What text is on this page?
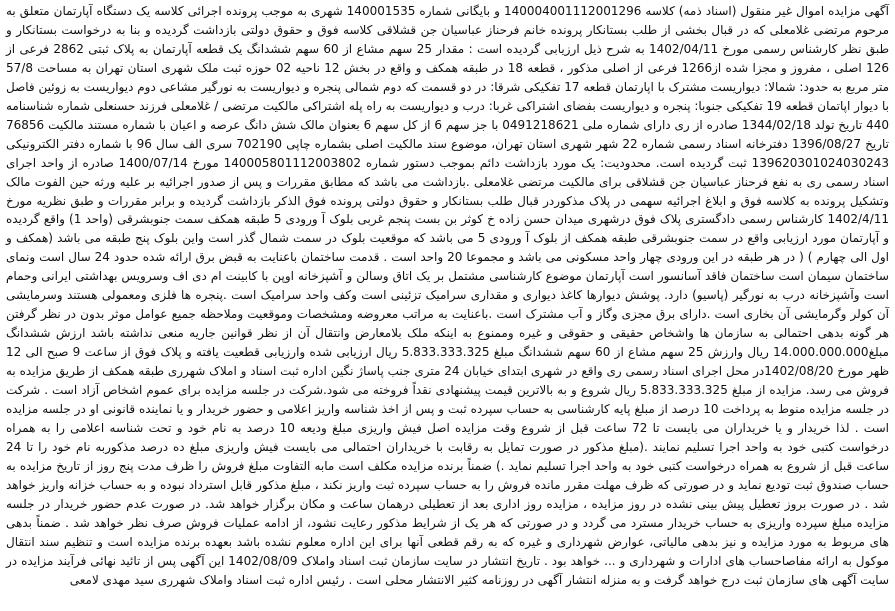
آگهی مزایده اموال غیر منقول (اسناد ذمه) کلاسه 140004001112001296 و بایگانی شماره 140001535 شهری به موجب پرونده اجرائی کلاسه یک دستگاه آپارتمان متعلق به مرحوم مرتضی غلامعلی که در قبال بخشی از طلب بستانکار پرونده خانم فرحناز عباسیان جن قشلاقی کلاسه فوق و حقوق دولتی بازداشت گردیده و بنا به درخواست بستانکار و طبق نظر کارشناس رسمی مورخ 1402/04/11 به شرح ذیل ارزیابی گردیده است : مقدار 25 سهم مشاع از 60 سهم ششدانگ یک قطعه آپارتمان به پلاک ثبتی 2862 فرعی از 126 اصلی ، مفروز و مجزا شده از1266 فرعی از اصلی مذکور ، قطعه 18 در طبقه همکف و واقع در بخش 12 ناحیه 02 حوزه ثبت ملک شهری استان تهران به مساحت 57/8 متر مربع به حدود: شمالا: دیواریست مشترک با اپارتمان قطعه 17 تفکیکی شرقا: در دو قسمت که دوم شمالی پنجره و دیواریست به نورگیر مشاعی دوم دیواریست به زوئین فاصل با دیوار اپاتمان قطعه 19 تفکیکی جنوبا: پنجره و دیواریست بفضای اشتراکی غربا: درب و دیواریست به راه پله اشتراکی مالکیت مرتضی / غلامعلی فرزند حسنعلی شماره شناسنامه 440 تاریخ تولد 1344/02/18 صادره از ری دارای شماره ملی 0491218621 با جز سهم 6 از کل سهم 6 بعنوان مالک شش دانگ عرصه و اعیان با شماره مستند مالکیت 76856 تاریخ 1396/08/27 دفترخانه اسناد رسمی شماره 22 شهر شهری استان تهران، موضوع سند مالکیت اصلی بشماره چاپی 702190 سری الف سال 96 با شماره دفتر الکترونیکی 139620301024030243 ثبت گردیده است. محدودیت: یک مورد بازداشت دائم بموجب دستور شماره 140005801112003802 مورخ 1400/07/14 صادره از واحد اجرای اسناد رسمی ری به نفع فرحناز عباسیان جن قشلاقی برای مالکیت مرتضی غلامعلی .بازداشت می باشد که مطابق مقررات و پس از صدور اجرائیه بر علیه ورثه حین الفوت مالک وتشکیل پرونده به کلاسه فوق و ابلاغ اجرائیه سهمی در پلاک مذکوردر قبال طلب بستانکار و حقوق دولتی پرونده فوق الذکر بازداشت گردیده و برابر مقررات و طبق نظریه مورخ 1402/4/11 کارشناس رسمی دادگستری پلاک فوق درشهری میدان حسن زاده خ کوثر بن بست پنجم غربی بلوک آ ورودی 5 طبقه همکف سمت جنوبشرقی (واحد 1) واقع گردیده و آپارتمان مورد ارزیابی واقع در سمت جنوبشرقی طبقه همکف از بلوک آ ورودی 5 می باشد که موقعیت بلوک در سمت شمال گذر است واین بلوک پنج طبقه می باشد (همکف و اول الی چهارم ) ( در هر طبقه در این ورودی چهار واحد مسکونی می باشد و مجموعا 20 واحد است . قدمت ساختمان باعنایت به قبض برق ارائه شده حدود 24 سال است ونمای ساختمان سیمان است ساختمان فاقد آسانسور است آپارتمان موضوع کارشناسی مشتمل بر یک اتاق وسالن و آشپزخانه اوپن با کابینت ام دی اف وسرویس بهداشتی ایرانی وحمام است وآشپزخانه درب به نورگیر (پاسیو) دارد. پوشش دیوارها کاغذ دیواری و مقداری سرامیک تزئینی است وکف واحد سرامیک است .پنجره ها فلزی ومعمولی هستند وسرمایشی آن کولر وگرمایشی آن بخاری است .دارای برق مجزی وگاز و آب مشترک است .باعنایت به مراتب معروضه ومشخصات وموقعیت وملاحظه جمیع عوامل موثر بدون در نظر گرفتن هر گونه بدهی احتمالی به سازمان ها واشخاص حقیقی و حقوقی و غیره وممنوع به اینکه ملک بلامعارض وانتقال آن از نظر قوانین جاریه منعی نداشته باشد ارزش ششدانگ مبلغ14.000.000.000 ریال وارزش 25 سهم مشاع از 60 سهم ششدانگ مبلغ 5.833.333.325 ریال ارزیابی شده وارزیابی قطعیت یافته و پلاک فوق از ساعت 9 صبح الی 12 ظهر مورخ 1402/08/20در محل اجرای اسناد رسمی ری واقع در شهری ابتدای خیابان 24 متری جنب پاساژ نگین اداره ثبت اسناد و املاک شهرری طبقه همکف از طریق مزایده به فروش می رسد. مزایده از مبلغ 5.833.333.325 ریال شروع و به بالاترین قیمت پیشنهادی نقداً فروخته می شود.شرکت در جلسه مزایده برای عموم اشخاص آزاد است . شرکت در جلسه مزایده منوط به پرداخت 10 درصد از مبلغ پایه کارشناسی به حساب سپرده ثبت و پس از اخذ شناسه واریز اعلامی و حضور خریدار و یا نماینده قانونی او در جلسه مزایده است . لذا خریدار و یا خریداران می بایست تا 72 ساعت قبل از شروع وقت مزایده اصل فیش واریزی مبلغ ودیعه 10 درصد به نام خود و تحت شناسه اعلامی را به همراه درخواست کتبی خود به واحد اجرا تسلیم نمایند .(مبلغ مذکور در صورت تمایل به رقابت با خریداران احتمالی می بایست فیش واریزی مبلغ ده درصد مذکوربه نام خود را تا 24 ساعت قبل از شروع به همراه درخواست کتبی خود به واحد اجرا تسلیم نماید .) ضمناً برنده مزایده مکلف است مابه التفاوت مبلغ فروش را ظرف مدت پنج روز از تاریخ مزایده به حساب صندوق ثبت تودیع نماید و در صورتی که ظرف مهلت مقرر مانده فروش را به حساب سپرده ثبت واریز نکند ، مبلغ مذکور قابل استرداد نبوده و به حساب خزانه واریز خواهد شد . در صورت بروز تعطیل پیش بینی نشده در روز مزایده ، مزایده روز اداری بعد از تعطیلی درهمان ساعت و مکان برگزار خواهد شد. در صورت عدم حضور خریدار در جلسه مزایده مبلغ سپرده واریزی به حساب خریدار مسترد می گردد و در صورتی که هر یک از شرایط مذکور رعایت نشود، از ادامه عملیات فروش صرف نظر خواهد شد . ضمناً بدهی های مربوط به مورد مزایده و نیز بدهی مالیاتی، عوارض شهرداری و غیره که به رقم قطعی آنها برای این اداره معلوم نشده باشد بعهده برنده مزایده است و تنظیم سند انتقال موکول به ارائه مفاصاحساب های ادارات و شهرداری و ... خواهد بود . تاریخ انتشار در سایت سازمان ثبت اسناد واملاک 1402/08/09 این آگهی پس از تائید نهائی فرآیند مزایده در سایت آگهی های سازمان ثبت درج خواهد گرفت و به منزله انتشار آگهی در روزنامه کثیر الانتشار محلی است . رئیس اداره ثبت اسناد واملاک شهرری سید مهدی لامعی
